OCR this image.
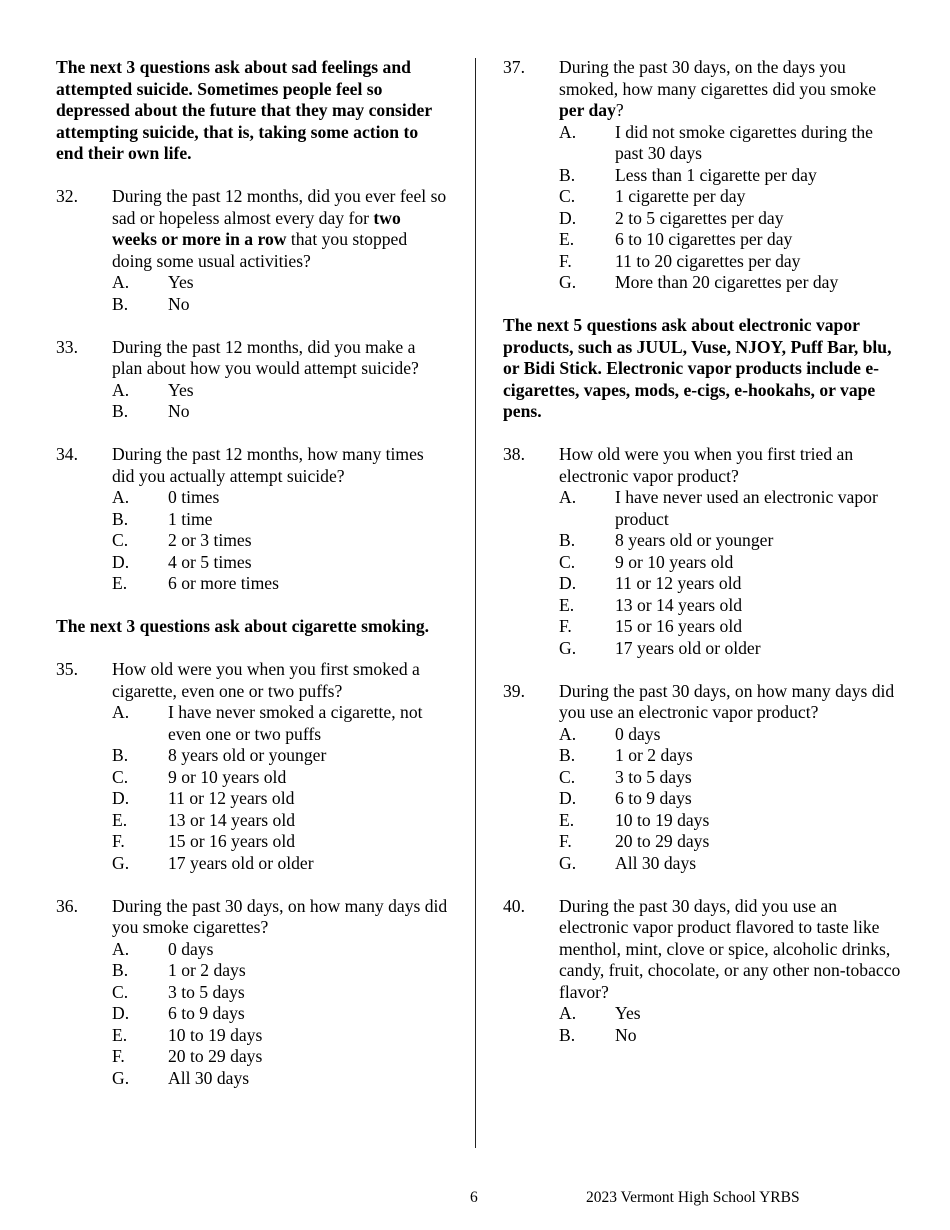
The next 3 questions ask about sad feelings and attempted suicide. Sometimes people feel so depressed about the future that they may consider attempting suicide, that is, taking some action to end their own life.

32.	During the past 12 months, did you ever feel so sad or hopeless almost every day for two weeks or more in a row that you stopped doing some usual activities?

A.	Yes
B.	No
33.	During the past 12 months, did you make a plan about how you would attempt suicide?

A.	Yes
B.	No
34.	During the past 12 months, how many times did you actually attempt suicide?

A.	0 times
B.	1 time
C.	2 or 3 times
D.	4 or 5 times
E.	6 or more times

The next 3 questions ask about cigarette smoking.

35.	How old were you when you first smoked a cigarette, even one or two puffs?

A.	I have never smoked a cigarette, not even one or two puffs
B.	8 years old or younger
C.	9 or 10 years old
D.	11 or 12 years old
E.	13 or 14 years old
F.	15 or 16 years old
G.	17 years old or older
36.	During the past 30 days, on how many days did you smoke cigarettes?

A.	0 days
B.	1 or 2 days
C.	3 to 5 days
D.	6 to 9 days
E.	10 to 19 days
F.	20 to 29 days
G.	All 30 days
37.	During the past 30 days, on the days you smoked, how many cigarettes did you smoke per day?

A.	I did not smoke cigarettes during the past 30 days
B.	Less than 1 cigarette per day
C.	1 cigarette per day
D.	2 to 5 cigarettes per day
E.	6 to 10 cigarettes per day
F.	11 to 20 cigarettes per day
G.	More than 20 cigarettes per day

The next 5 questions ask about electronic vapor products, such as JUUL, Vuse, NJOY, Puff Bar, blu, or Bidi Stick. Electronic vapor products include e-cigarettes, vapes, mods, e-cigs, e-hookahs, or vape pens.

38.	How old were you when you first tried an electronic vapor product?

A.	I have never used an electronic vapor product
B.	8 years old or younger
C.	9 or 10 years old
D.	11 or 12 years old
E.	13 or 14 years old
F.	15 or 16 years old
G.	17 years old or older
39.	During the past 30 days, on how many days did you use an electronic vapor product?

A.	0 days
B.	1 or 2 days
C.	3 to 5 days
D.	6 to 9 days
E.	10 to 19 days
F.	20 to 29 days
G.	All 30 days
40.	During the past 30 days, did you use an electronic vapor product flavored to taste like menthol, mint, clove or spice, alcoholic drinks, candy, fruit, chocolate, or any other non-tobacco flavor?

A.	Yes
B.	No
6	2023 Vermont High School YRBS
